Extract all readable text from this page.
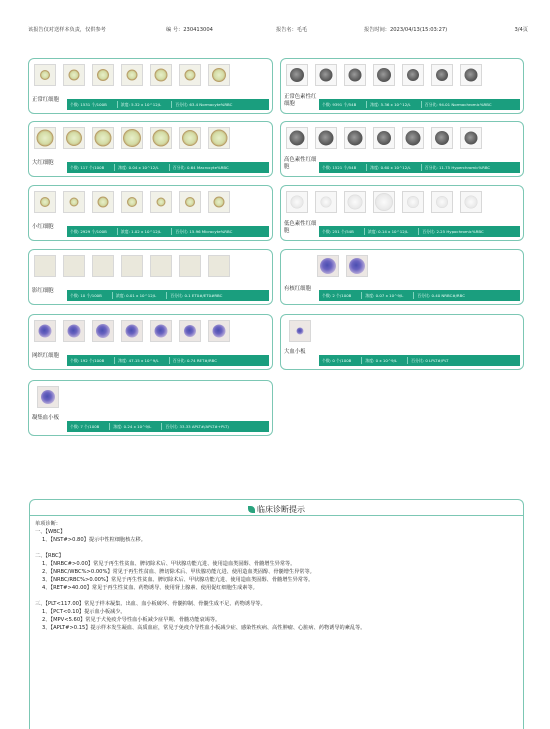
该报告仅对送样本负责，仅供参考	编 号：230413004	报告名：毛毛	报告时间：2023/04/13(15:03:27)	3/4页
正常红细胞
个数: 1531 个/100B	浓度: 5.32 x 10^12/L	百分比: 63.4 Normocyte%RBC
正常色素性红细胞	个数: 9391 个/54B	浓度: 5.36 x 10^12/L	百分比: 94.01 Normochromic%RBC
大红细胞
个数: 117 个/100B	浓度: 0.04 x 10^12/L	百分比: 0.64 Macrocyte%RBC
高色素性红细胞	个数: 1521 个/54B	浓度: 0.60 x 10^12/L	百分比: 11.75 Hyperchromic%RBC
小红细胞
个数: 2929 个/100B	浓度: 1.02 x 10^12/L	百分比: 15.96 Microcyte%RBC
低色素性红细胞	个数: 251 个/54B	浓度: 0.14 x 10^12/L	百分比: 2.25 Hypochromic%RBC
影红细胞
个数: 10 个/100B	浓度: 0.01 x 10^12/L	百分比: 0.1 ET0#/ET0#RBC
有核红细胞
个数: 2 个/100B	浓度: 0.07 x 10^9/L	百分比: 0.40 NRBC#/RBC
网织红细胞
个数: 192 个/100B	浓度: 47.15 x 10^9/L	百分比: 0.74 RET#/RBC
大血小板
个数: 0 个/100B	浓度: 0 x 10^9/L	百分比: 0 LPLT#/PLT
凝集血小板
个数: 7 个/100B	浓度: 0.24 x 10^9/L	百分比: 33.33 APLT#/APLT#+PLT)
临床诊断提示
单项诊断：
一、【WBC】
1、【NST#>0.80】提示中性粒细胞核左移。
二、【RBC】
1、【NRBC#>0.00】常见于再生性贫血、脾切除术后、甲状腺功能亢进、使用造血类固醇、骨髓增生异常等。
2、【NRBC/WBC%>0.00%】常见于再生性贫血、脾切除术后、甲状腺功能亢进、使用造血类固醇、骨髓增生异常等。
3、【NRBC/RBC%>0.00%】常见于再生性贫血、脾切除术后、甲状腺功能亢进、使用造血类固醇、骨髓增生异常等。
4、【RET#>40.00】常见于再生性贫血、药物诱导、使用肾上腺素、使用促红细胞生成素等。
三、【PLT<117.00】常见于样本凝集、出血、血小板破坏、骨髓抑制、骨髓生成不足、药物诱导等。
1、【PCT<0.10】提示血小板减少。
2、【MPV<5.60】常见于犬免疫介导性血小板减少症早期、骨髓功能衰竭等。
3、【APLT#>0.15】提示样本发生凝血、高质血症，常见于免疫介导性血小板减少症、感染性疾病、高性肿瘤、心脏病、药物诱导的紊乱等。
